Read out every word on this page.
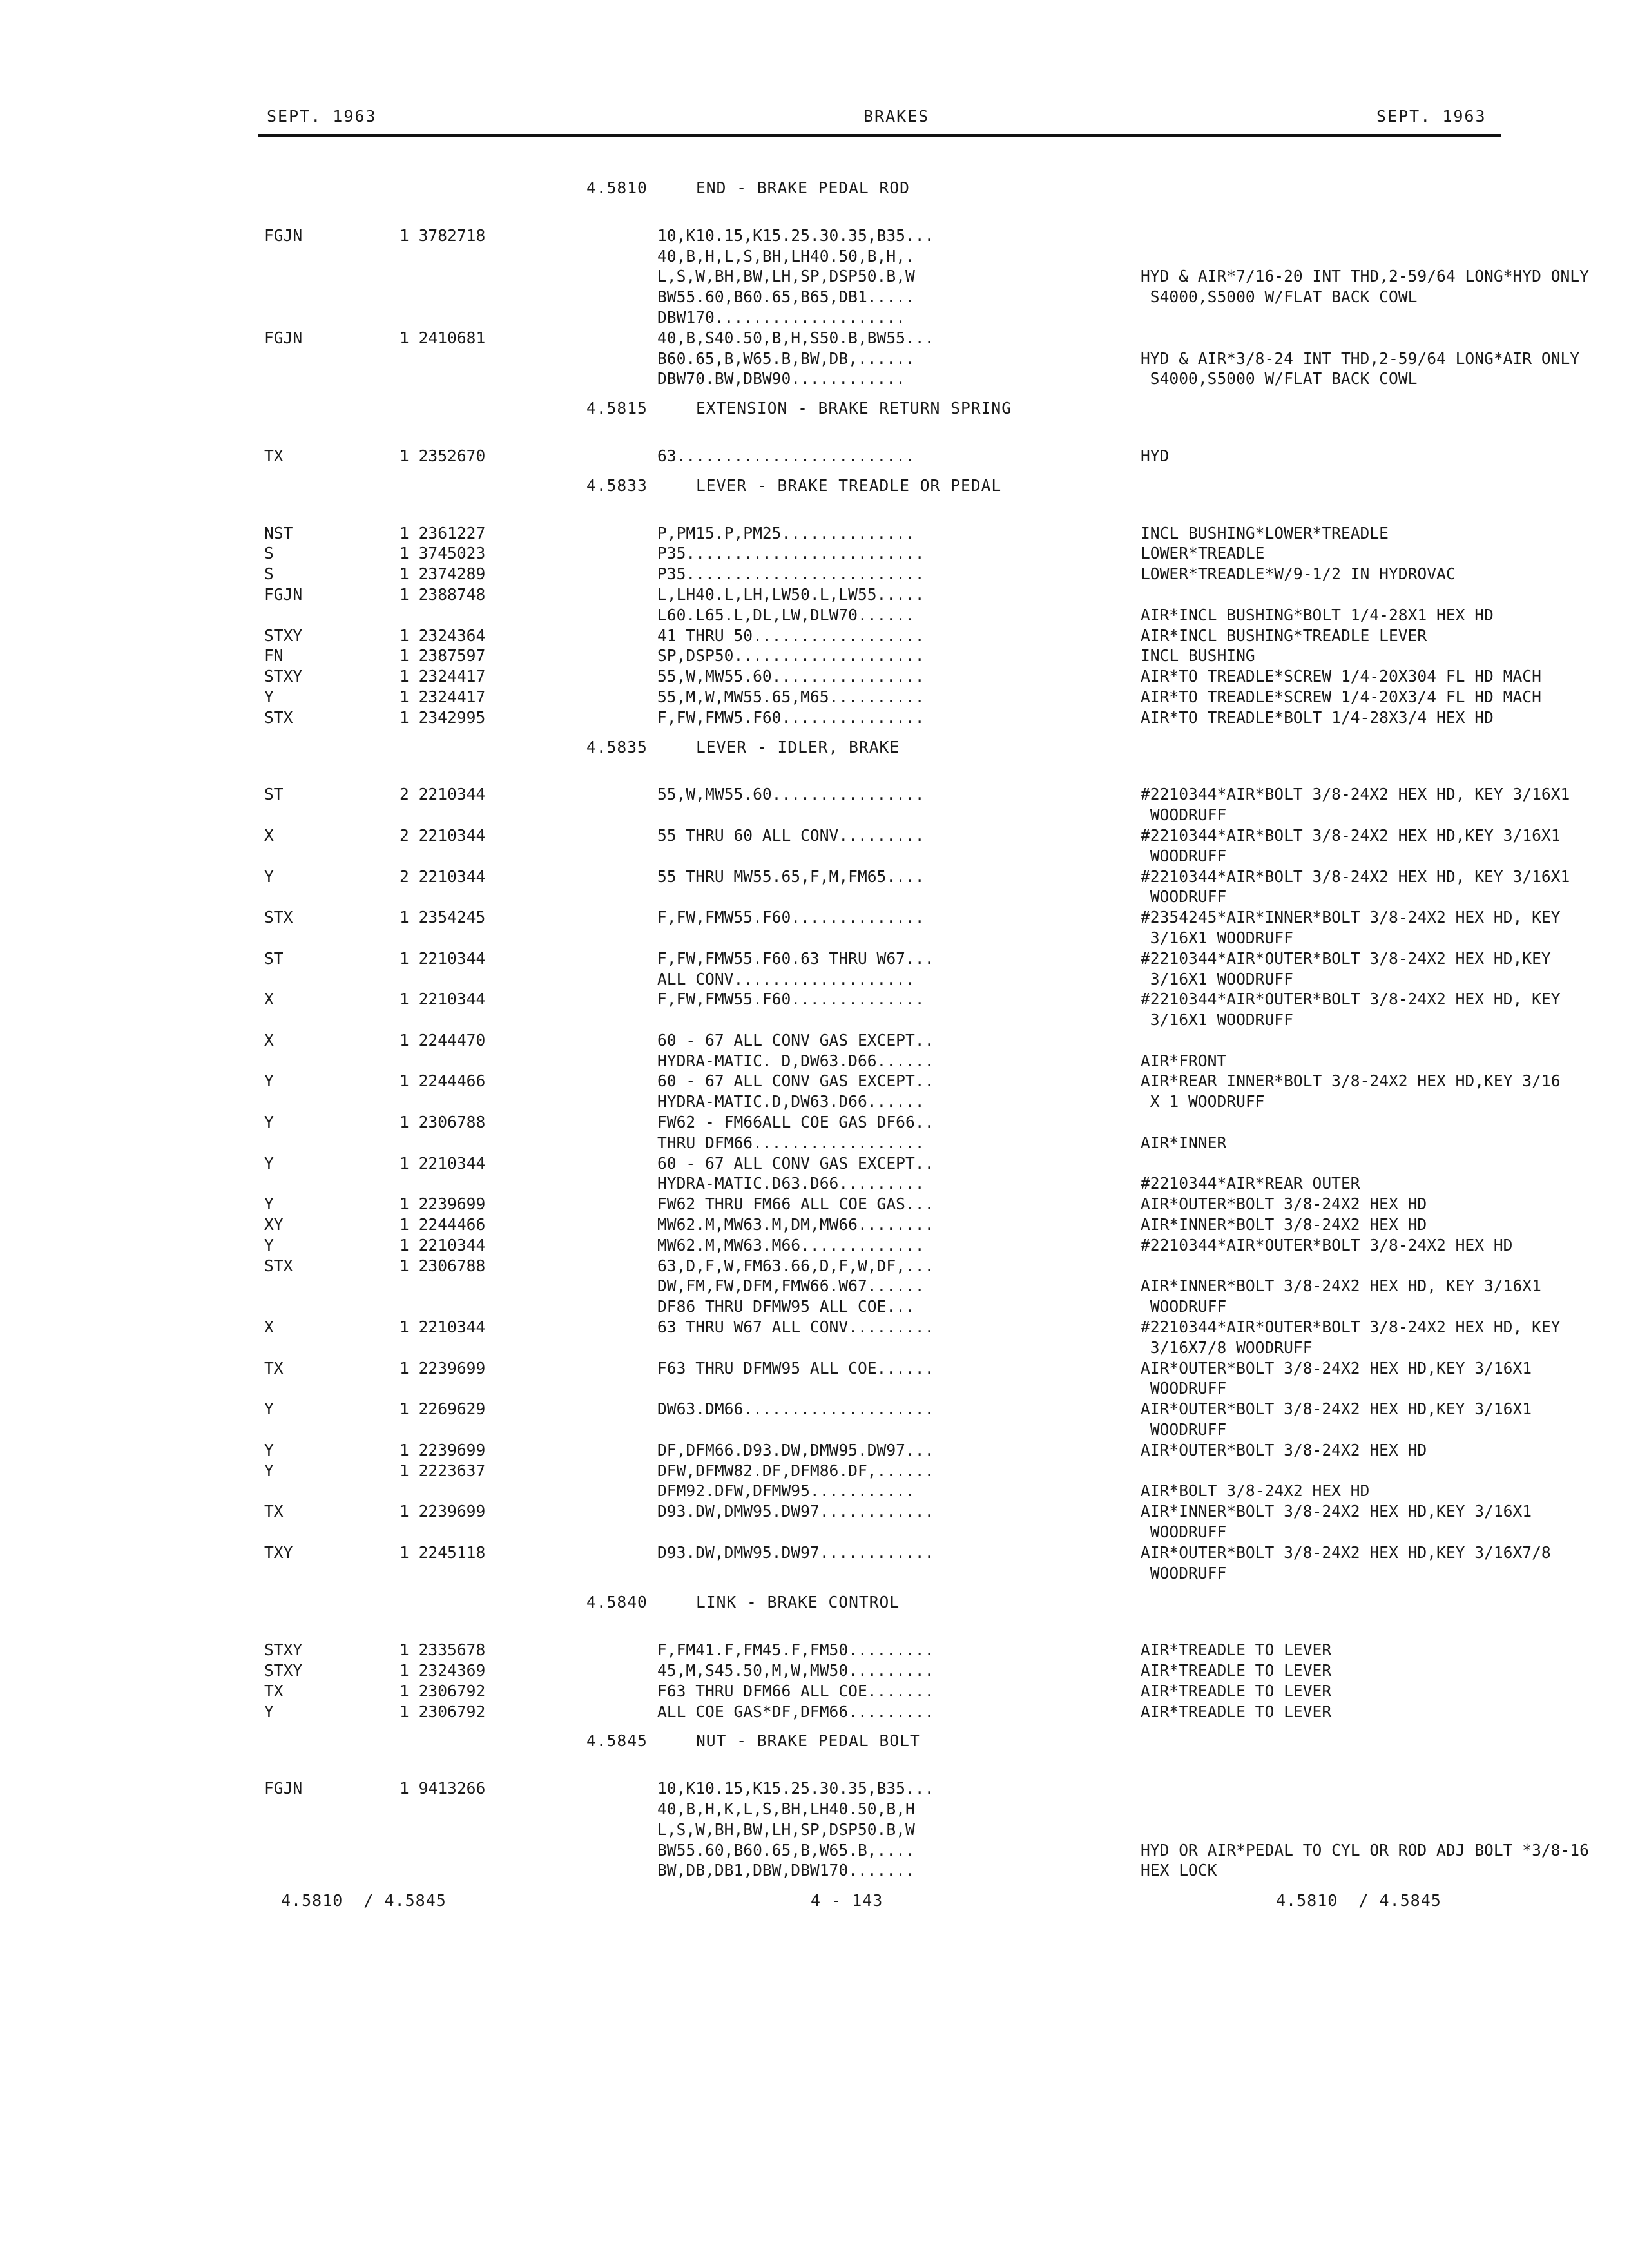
SEPT. 1963	BRAKES	SEPT. 1963
4.5810	END - BRAKE PEDAL ROD
FGJN	1 3782718	10,K10.15,K15.25.30.35,B35...
40,B,H,L,S,BH,LH40.50,B,H,.
L,S,W,BH,BW,LH,SP,DSP50.B,W	HYD & AIR*7/16-20 INT THD,2-59/64 LONG*HYD ONLY
BW55.60,B60.65,B65,DB1.....	S4000,S5000 W/FLAT BACK COWL
DBW170....................
FGJN	1 2410681	40,B,S40.50,B,H,S50.B,BW55...
B60.65,B,W65.B,BW,DB,......	HYD & AIR*3/8-24 INT THD,2-59/64 LONG*AIR ONLY
DBW70.BW,DBW90............	S4000,S5000 W/FLAT BACK COWL
4.5815	EXTENSION - BRAKE RETURN SPRING
TX	1 2352670	63.........................	HYD
4.5833	LEVER - BRAKE TREADLE OR PEDAL
NST	1 2361227	P,PM15.P,PM25..............	INCL BUSHING*LOWER*TREADLE
S	1 3745023	P35.........................	LOWER*TREADLE
S	1 2374289	P35.........................	LOWER*TREADLE*W/9-1/2 IN HYDROVAC
FGJN	1 2388748	L,LH40.L,LH,LW50.L,LW55.....
L60.L65.L,DL,LW,DLW70......	AIR*INCL BUSHING*BOLT 1/4-28X1 HEX HD
STXY	1 2324364	41 THRU 50..................	AIR*INCL BUSHING*TREADLE LEVER
FN	1 2387597	SP,DSP50....................	INCL BUSHING
STXY	1 2324417	55,W,MW55.60................	AIR*TO TREADLE*SCREW 1/4-20X304 FL HD MACH
Y	1 2324417	55,M,W,MW55.65,M65..........	AIR*TO TREADLE*SCREW 1/4-20X3/4 FL HD MACH
STX	1 2342995	F,FW,FMW5.F60...............	AIR*TO TREADLE*BOLT 1/4-28X3/4 HEX HD
4.5835	LEVER - IDLER, BRAKE
ST	2 2210344	55,W,MW55.60................	#2210344*AIR*BOLT 3/8-24X2 HEX HD, KEY 3/16X1
WOODRUFF
X	2 2210344	55 THRU 60 ALL CONV.........	#2210344*AIR*BOLT 3/8-24X2 HEX HD,KEY 3/16X1
WOODRUFF
Y	2 2210344	55 THRU MW55.65,F,M,FM65....	#2210344*AIR*BOLT 3/8-24X2 HEX HD, KEY 3/16X1
WOODRUFF
STX	1 2354245	F,FW,FMW55.F60..............	#2354245*AIR*INNER*BOLT 3/8-24X2 HEX HD, KEY
3/16X1 WOODRUFF
ST	1 2210344	F,FW,FMW55.F60.63 THRU W67...	#2210344*AIR*OUTER*BOLT 3/8-24X2 HEX HD,KEY
ALL CONV...................	3/16X1 WOODRUFF
X	1 2210344	F,FW,FMW55.F60..............	#2210344*AIR*OUTER*BOLT 3/8-24X2 HEX HD, KEY
3/16X1 WOODRUFF
X	1 2244470	60 - 67 ALL CONV GAS EXCEPT..
HYDRA-MATIC. D,DW63.D66......	AIR*FRONT
Y	1 2244466	60 - 67 ALL CONV GAS EXCEPT..	AIR*REAR INNER*BOLT 3/8-24X2 HEX HD,KEY 3/16
HYDRA-MATIC.D,DW63.D66......	X 1 WOODRUFF
Y	1 2306788	FW62 - FM66ALL COE GAS DF66..
THRU DFM66..................	AIR*INNER
Y	1 2210344	60 - 67 ALL CONV GAS EXCEPT..
HYDRA-MATIC.D63.D66.........	#2210344*AIR*REAR OUTER
Y	1 2239699	FW62 THRU FM66 ALL COE GAS...	AIR*OUTER*BOLT 3/8-24X2 HEX HD
XY	1 2244466	MW62.M,MW63.M,DM,MW66........	AIR*INNER*BOLT 3/8-24X2 HEX HD
Y	1 2210344	MW62.M,MW63.M66.............	#2210344*AIR*OUTER*BOLT 3/8-24X2 HEX HD
STX	1 2306788	63,D,F,W,FM63.66,D,F,W,DF,...
DW,FM,FW,DFM,FMW66.W67......	AIR*INNER*BOLT 3/8-24X2 HEX HD, KEY 3/16X1
DF86 THRU DFMW95 ALL COE...	WOODRUFF
X	1 2210344	63 THRU W67 ALL CONV.........	#2210344*AIR*OUTER*BOLT 3/8-24X2 HEX HD, KEY
3/16X7/8 WOODRUFF
TX	1 2239699	F63 THRU DFMW95 ALL COE......	AIR*OUTER*BOLT 3/8-24X2 HEX HD,KEY 3/16X1
WOODRUFF
Y	1 2269629	DW63.DM66....................	AIR*OUTER*BOLT 3/8-24X2 HEX HD,KEY 3/16X1
WOODRUFF
Y	1 2239699	DF,DFM66.D93.DW,DMW95.DW97...	AIR*OUTER*BOLT 3/8-24X2 HEX HD
Y	1 2223637	DFW,DFMW82.DF,DFM86.DF,......
DFM92.DFW,DFMW95...........	AIR*BOLT 3/8-24X2 HEX HD
TX	1 2239699	D93.DW,DMW95.DW97............	AIR*INNER*BOLT 3/8-24X2 HEX HD,KEY 3/16X1
WOODRUFF
TXY	1 2245118	D93.DW,DMW95.DW97............	AIR*OUTER*BOLT 3/8-24X2 HEX HD,KEY 3/16X7/8
WOODRUFF
4.5840	LINK - BRAKE CONTROL
STXY	1 2335678	F,FM41.F,FM45.F,FM50.........	AIR*TREADLE TO LEVER
STXY	1 2324369	45,M,S45.50,M,W,MW50.........	AIR*TREADLE TO LEVER
TX	1 2306792	F63 THRU DFM66 ALL COE.......	AIR*TREADLE TO LEVER
Y	1 2306792	ALL COE GAS*DF,DFM66.........	AIR*TREADLE TO LEVER
4.5845	NUT - BRAKE PEDAL BOLT
FGJN	1 9413266	10,K10.15,K15.25.30.35,B35...
40,B,H,K,L,S,BH,LH40.50,B,H
L,S,W,BH,BW,LH,SP,DSP50.B,W
BW55.60,B60.65,B,W65.B,....	HYD OR AIR*PEDAL TO CYL OR ROD ADJ BOLT *3/8-16
BW,DB,DB1,DBW,DBW170.......	HEX LOCK
4.5810  / 4.5845	4 - 143	4.5810  / 4.5845
